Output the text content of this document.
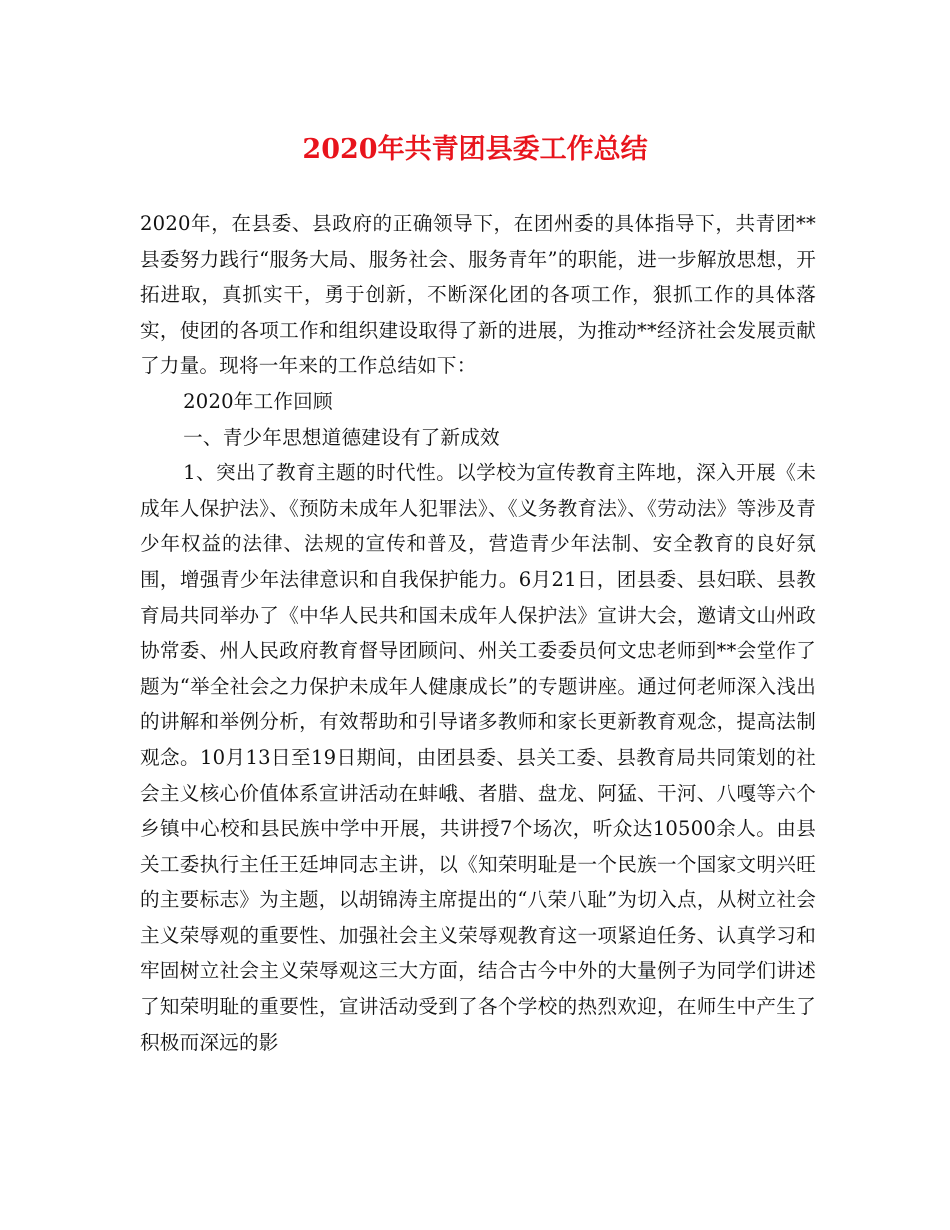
2020年共青团县委工作总结

2020年，在县委、县政府的正确领导下，在团州委的具体指导下，共青团**县委努力践行“服务大局、服务社会、服务青年”的职能，进一步解放思想，开拓进取，真抓实干，勇于创新，不断深化团的各项工作，狠抓工作的具体落实，使团的各项工作和组织建设取得了新的进展，为推动**经济社会发展贡献了力量。现将一年来的工作总结如下：

2020年工作回顾

一、青少年思想道德建设有了新成效

1、突出了教育主题的时代性。以学校为宣传教育主阵地，深入开展《未成年人保护法》、《预防未成年人犯罪法》、《义务教育法》、《劳动法》等涉及青少年权益的法律、法规的宣传和普及，营造青少年法制、安全教育的良好氛围，增强青少年法律意识和自我保护能力。6月21日，团县委、县妇联、县教育局共同举办了《中华人民共和国未成年人保护法》宣讲大会，邀请文山州政协常委、州人民政府教育督导团顾问、州关工委委员何文忠老师到**会堂作了题为“举全社会之力保护未成年人健康成长”的专题讲座。通过何老师深入浅出的讲解和举例分析，有效帮助和引导诸多教师和家长更新教育观念，提高法制观念。10月13日至19日期间，由团县委、县关工委、县教育局共同策划的社会主义核心价值体系宣讲活动在蚌峨、者腊、盘龙、阿猛、干河、八嘎等六个乡镇中心校和县民族中学中开展，共讲授7个场次，听众达10500余人。由县关工委执行主任王廷坤同志主讲，以《知荣明耻是一个民族一个国家文明兴旺的主要标志》为主题，以胡锦涛主席提出的“八荣八耻”为切入点，从树立社会主义荣辱观的重要性、加强社会主义荣辱观教育这一项紧迫任务、认真学习和牢固树立社会主义荣辱观这三大方面，结合古今中外的大量例子为同学们讲述了知荣明耻的重要性，宣讲活动受到了各个学校的热烈欢迎，在师生中产生了积极而深远的影
